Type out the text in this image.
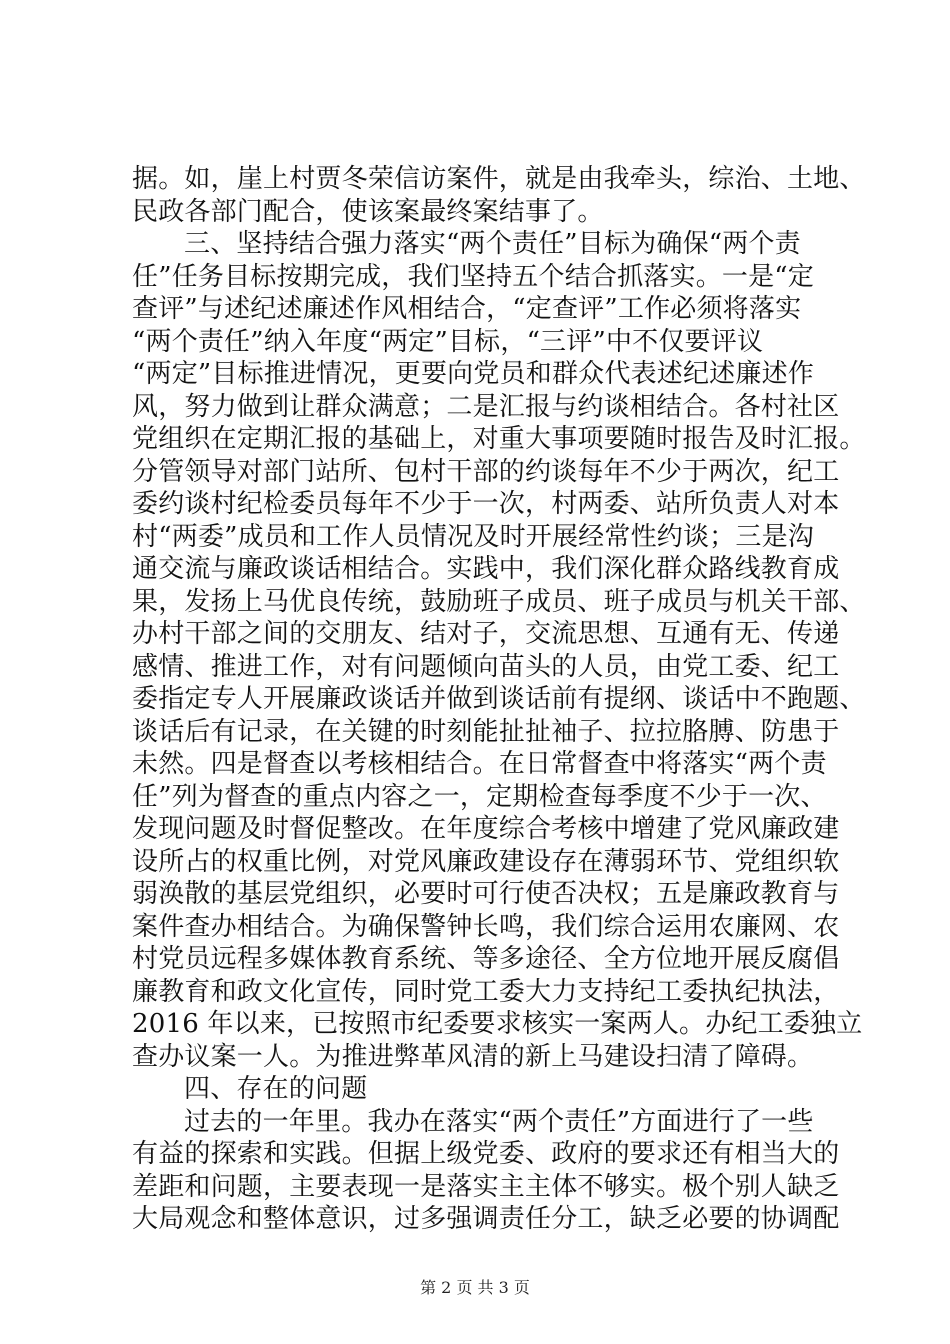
据。如，崖上村贾冬荣信访案件，就是由我牵头，综治、土地、
民政各部门配合，使该案最终案结事了。
三、坚持结合强力落实“两个责任”目标为确保“两个责
任”任务目标按期完成，我们坚持五个结合抓落实。一是“定
查评”与述纪述廉述作风相结合，“定查评”工作必须将落实
“两个责任”纳入年度“两定”目标，“三评”中不仅要评议
“两定”目标推进情况，更要向党员和群众代表述纪述廉述作
风，努力做到让群众满意；二是汇报与约谈相结合。各村社区
党组织在定期汇报的基础上，对重大事项要随时报告及时汇报。
分管领导对部门站所、包村干部的约谈每年不少于两次，纪工
委约谈村纪检委员每年不少于一次，村两委、站所负责人对本
村“两委”成员和工作人员情况及时开展经常性约谈；三是沟
通交流与廉政谈话相结合。实践中，我们深化群众路线教育成
果，发扬上马优良传统，鼓励班子成员、班子成员与机关干部、
办村干部之间的交朋友、结对子，交流思想、互通有无、传递
感情、推进工作，对有问题倾向苗头的人员，由党工委、纪工
委指定专人开展廉政谈话并做到谈话前有提纲、谈话中不跑题、
谈话后有记录，在关键的时刻能扯扯袖子、拉拉胳膊、防患于
未然。四是督查以考核相结合。在日常督查中将落实“两个责
任”列为督查的重点内容之一，定期检查每季度不少于一次、
发现问题及时督促整改。在年度综合考核中增建了党风廉政建
设所占的权重比例，对党风廉政建设存在薄弱环节、党组织软
弱涣散的基层党组织，必要时可行使否决权；五是廉政教育与
案件查办相结合。为确保警钟长鸣，我们综合运用农廉网、农
村党员远程多媒体教育系统、等多途径、全方位地开展反腐倡
廉教育和政文化宣传，同时党工委大力支持纪工委执纪执法，
2016 年以来，已按照市纪委要求核实一案两人。办纪工委独立
查办议案一人。为推进弊革风清的新上马建设扫清了障碍。
四、存在的问题
过去的一年里。我办在落实“两个责任”方面进行了一些
有益的探索和实践。但据上级党委、政府的要求还有相当大的
差距和问题，主要表现一是落实主主体不够实。极个别人缺乏
大局观念和整体意识，过多强调责任分工，缺乏必要的协调配
第 2 页 共 3 页
